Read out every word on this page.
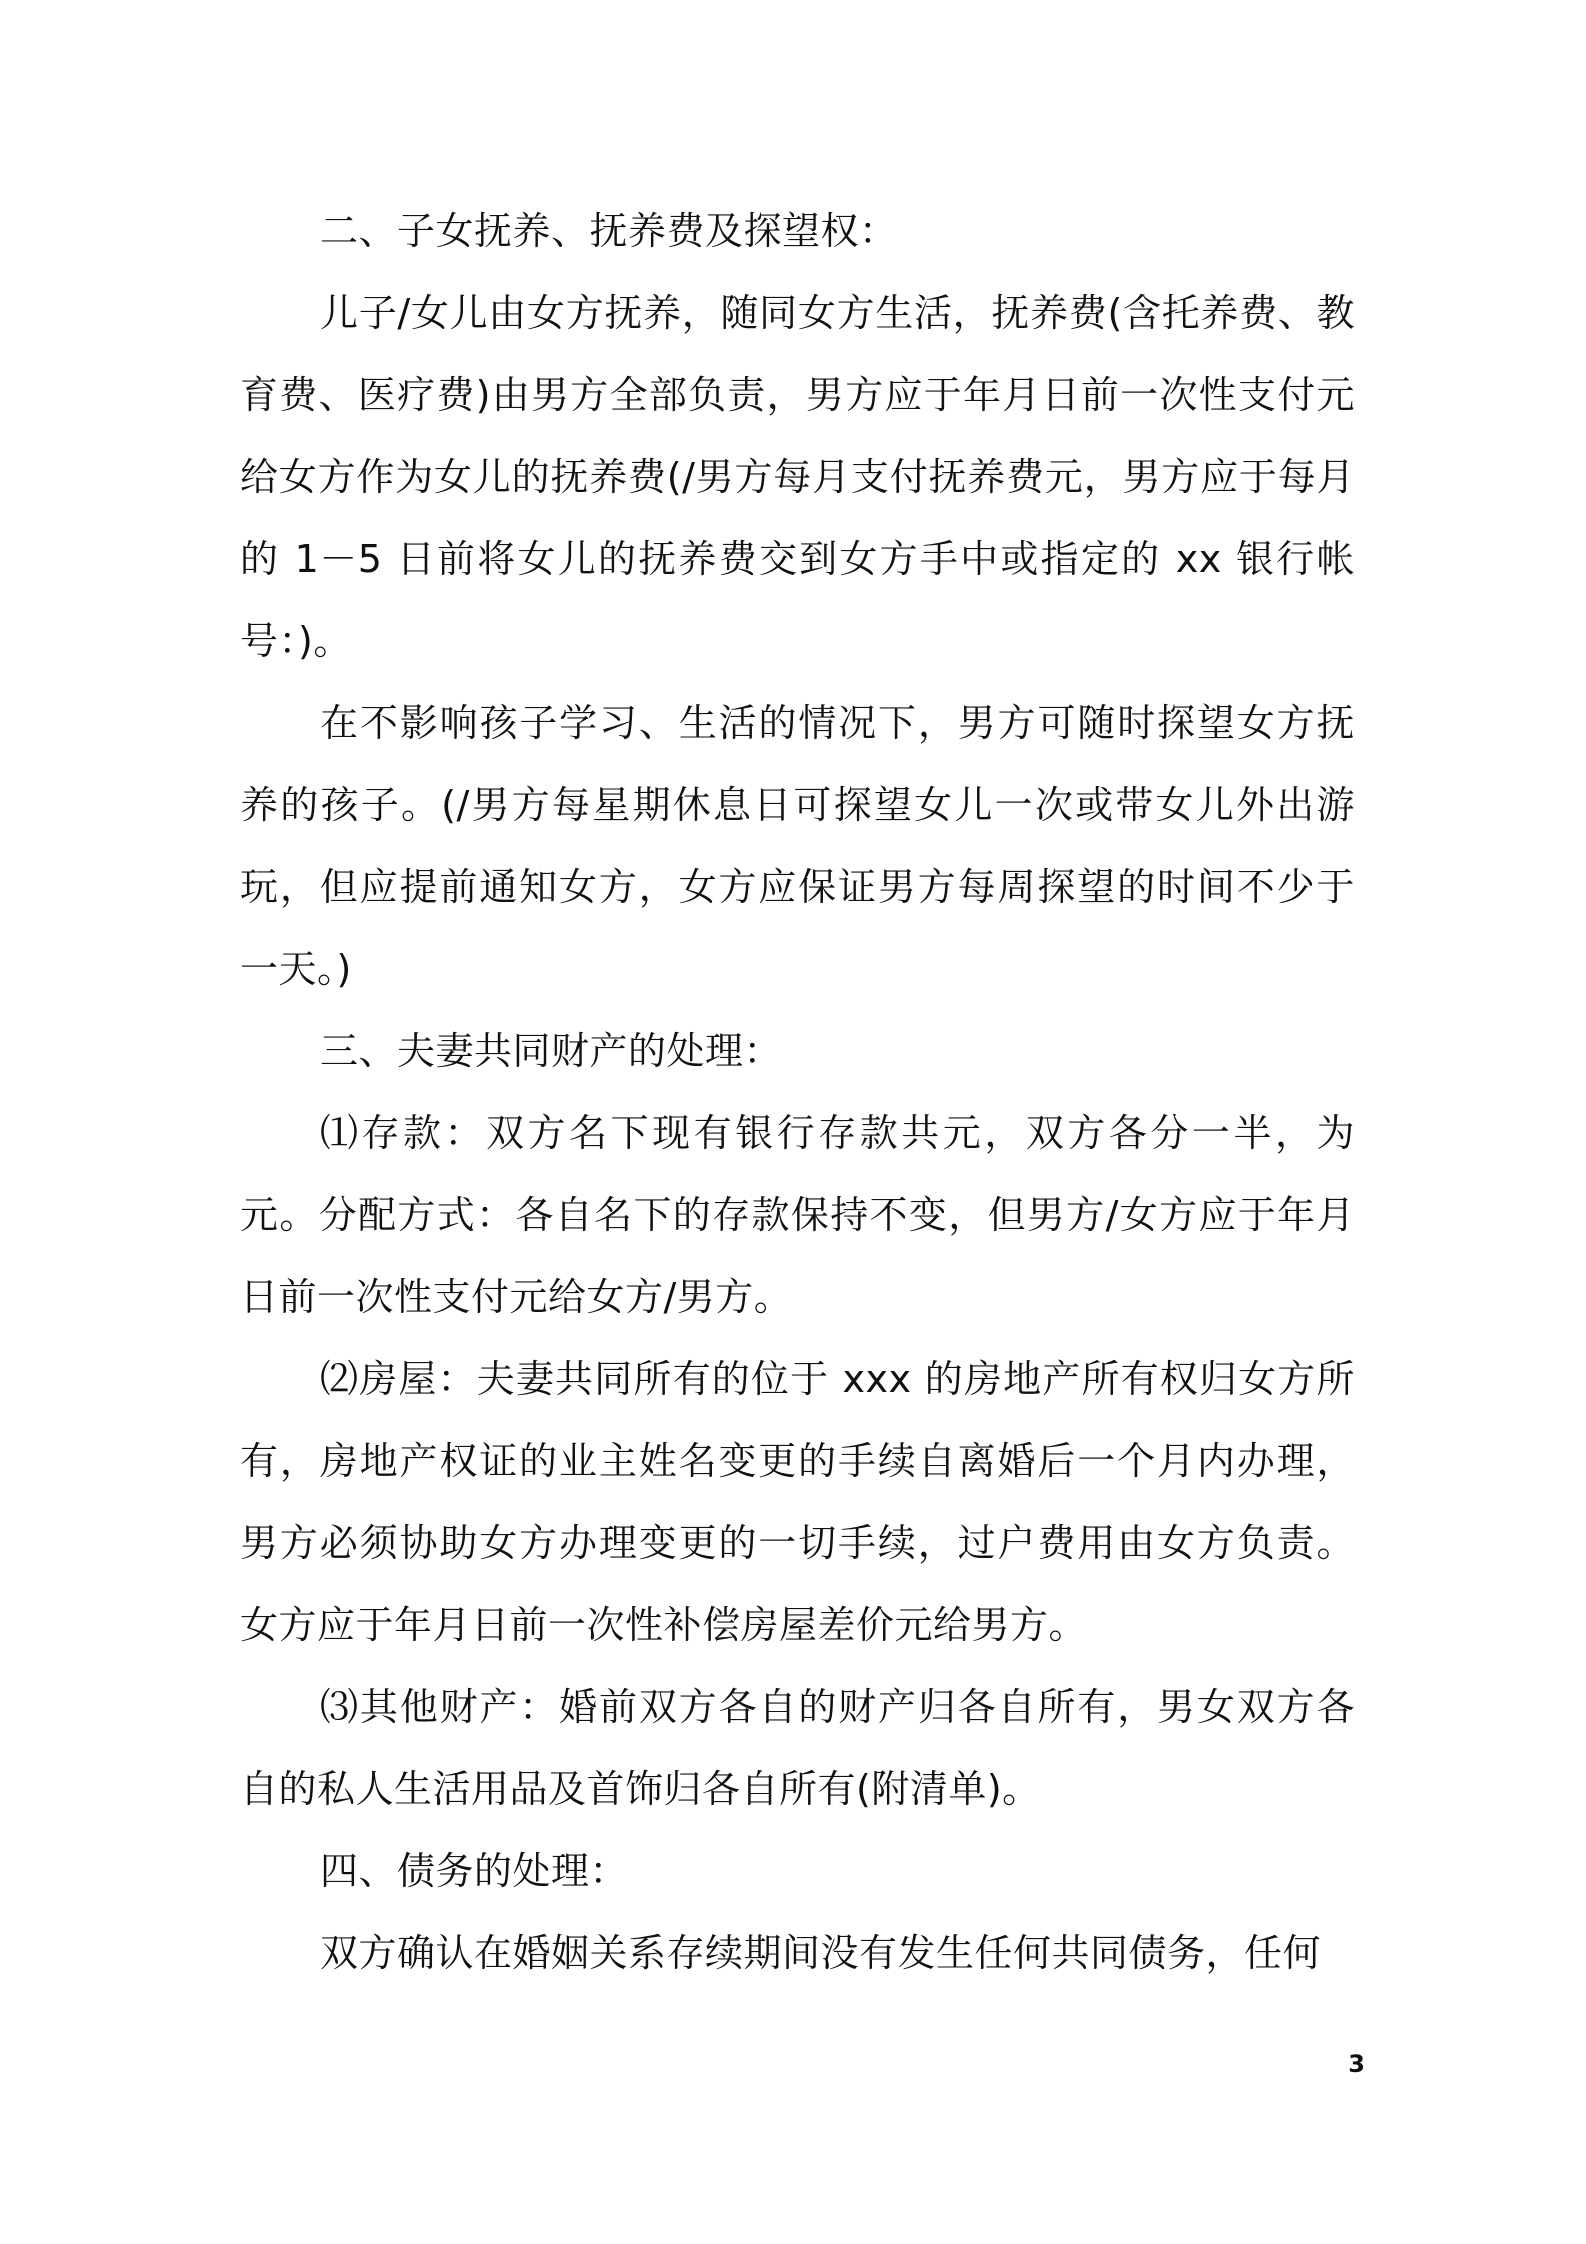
二、子女抚养、抚养费及探望权：

儿子/女儿由女方抚养，随同女方生活，抚养费(含托养费、教育费、医疗费)由男方全部负责，男方应于年月日前一次性支付元给女方作为女儿的抚养费(/男方每月支付抚养费元，男方应于每月的 1－5 日前将女儿的抚养费交到女方手中或指定的 xx 银行帐号：)。

在不影响孩子学习、生活的情况下，男方可随时探望女方抚养的孩子。(/男方每星期休息日可探望女儿一次或带女儿外出游玩，但应提前通知女方，女方应保证男方每周探望的时间不少于一天。)

三、夫妻共同财产的处理：

⑴存款：双方名下现有银行存款共元，双方各分一半，为元。分配方式：各自名下的存款保持不变，但男方/女方应于年月日前一次性支付元给女方/男方。

⑵房屋：夫妻共同所有的位于 xxx 的房地产所有权归女方所有，房地产权证的业主姓名变更的手续自离婚后一个月内办理，男方必须协助女方办理变更的一切手续，过户费用由女方负责。女方应于年月日前一次性补偿房屋差价元给男方。

⑶其他财产：婚前双方各自的财产归各自所有，男女双方各自的私人生活用品及首饰归各自所有(附清单)。

四、债务的处理：

双方确认在婚姻关系存续期间没有发生任何共同债务，任何

3
